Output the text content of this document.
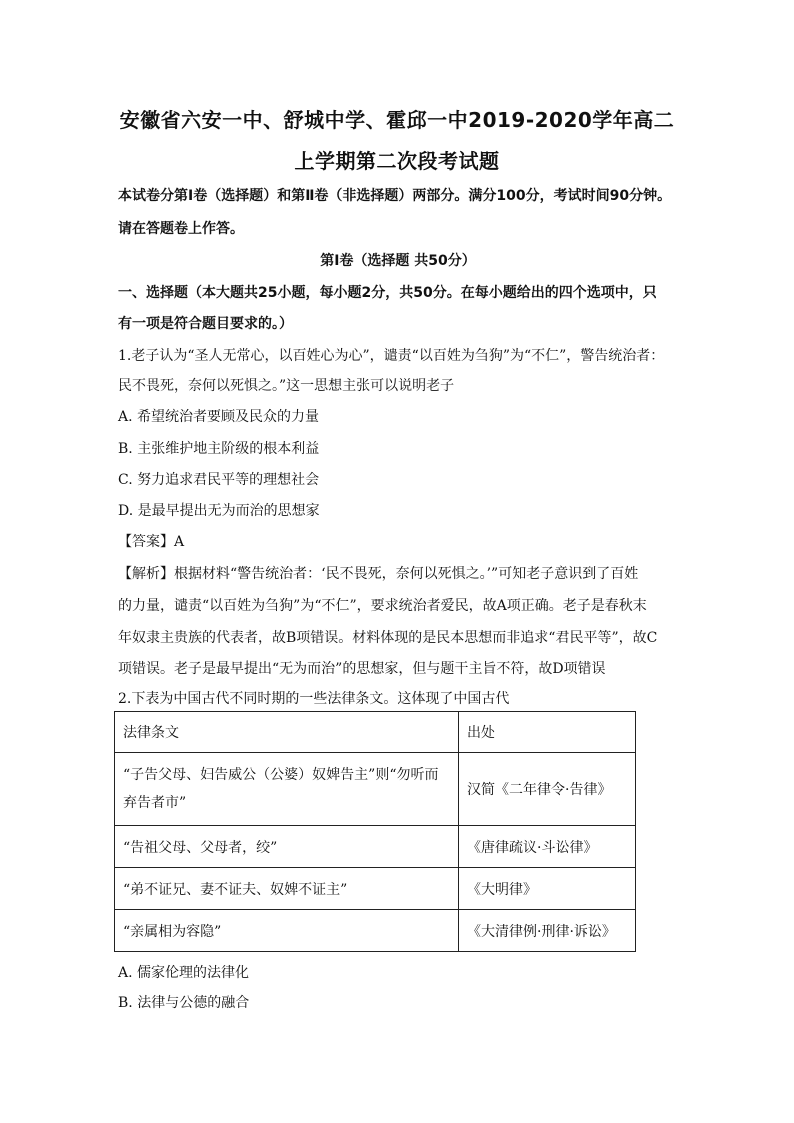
安徽省六安一中、舒城中学、霍邱一中2019-2020学年高二
上学期第二次段考试题
本试卷分第Ⅰ卷（选择题）和第Ⅱ卷（非选择题）两部分。满分100分，考试时间90分钟。
请在答题卷上作答。
第Ⅰ卷（选择题 共50分）
一、选择题（本大题共25小题，每小题2分，共50分。在每小题给出的四个选项中，只
有一项是符合题目要求的。）
1.老子认为“圣人无常心，以百姓心为心”，谴责“以百姓为刍狗”为“不仁”，警告统治者：
民不畏死，奈何以死惧之。”这一思想主张可以说明老子
A. 希望统治者要顾及民众的力量
B. 主张维护地主阶级的根本利益
C. 努力追求君民平等的理想社会
D. 是最早提出无为而治的思想家
【答案】A
【解析】根据材料“警告统治者：‘民不畏死，奈何以死惧之。’”可知老子意识到了百姓
的力量，谴责“以百姓为刍狗”为“不仁”，要求统治者爱民，故A项正确。老子是春秋末
年奴隶主贵族的代表者，故B项错误。材料体现的是民本思想而非追求“君民平等”，故C
项错误。老子是最早提出“无为而治”的思想家，但与题干主旨不符，故D项错误
2.下表为中国古代不同时期的一些法律条文。这体现了中国古代
法律条文	出处

“子告父母、妇告威公（公婆）奴婢告主”则“勿听而
弃告者市”	汉简《二年律令·告律》
“告祖父母、父母者，绞”	《唐律疏议·斗讼律》
“弟不证兄、妻不证夫、奴婢不证主”	《大明律》
“亲属相为容隐”	《大清律例·刑律·诉讼》
A. 儒家伦理的法律化
B. 法律与公德的融合
